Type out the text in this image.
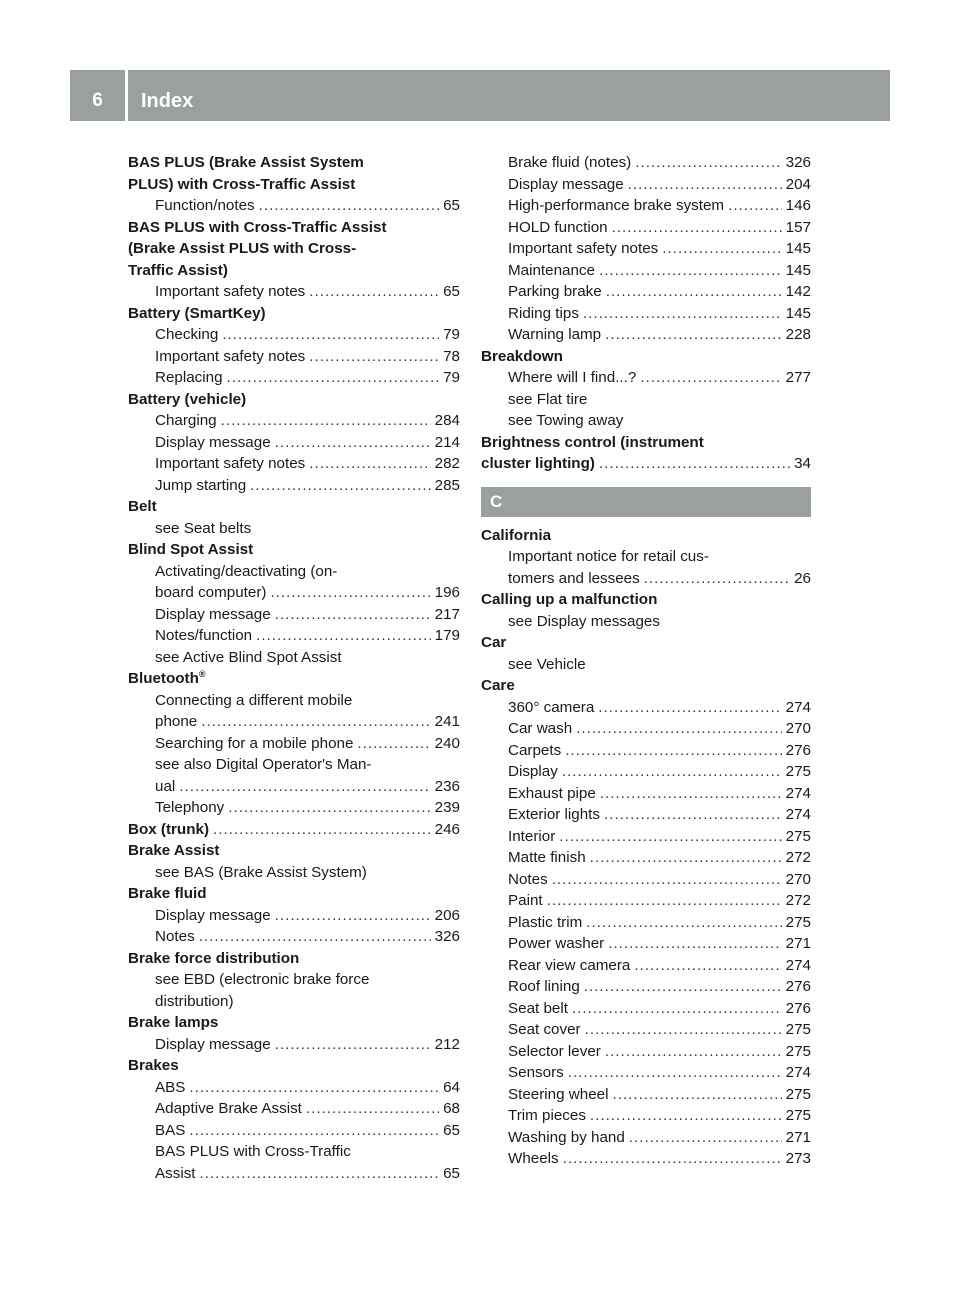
6	Index
BAS PLUS (Brake Assist System
PLUS) with Cross-Traffic Assist
Function/notes .....	65
BAS PLUS with Cross-Traffic Assist
(Brake Assist PLUS with Cross-
Traffic Assist)
Important safety notes .....	65
Battery (SmartKey)
Checking .....	79
Important safety notes .....	78
Replacing .....	79
Battery (vehicle)
Charging .....	284
Display message .....	214
Important safety notes .....	282
Jump starting .....	285
Belt
see Seat belts
Blind Spot Assist
Activating/deactivating (on-
board computer) .....	196
Display message .....	217
Notes/function .....	179
see Active Blind Spot Assist
Bluetooth®
Connecting a different mobile
phone .....	241
Searching for a mobile phone .....	240
see also Digital Operator's Man-
ual .....	236
Telephony .....	239
Box (trunk) .....	246
Brake Assist
see BAS (Brake Assist System)
Brake fluid
Display message .....	206
Notes .....	326
Brake force distribution
see EBD (electronic brake force
distribution)
Brake lamps
Display message .....	212
Brakes
ABS .....	64
Adaptive Brake Assist .....	68
BAS .....	65
BAS PLUS with Cross-Traffic
Assist .....	65
Brake fluid (notes) .....	326
Display message .....	204
High-performance brake system .....	146
HOLD function .....	157
Important safety notes .....	145
Maintenance .....	145
Parking brake .....	142
Riding tips .....	145
Warning lamp .....	228
Breakdown
Where will I find...? .....	277
see Flat tire
see Towing away
Brightness control (instrument
cluster lighting) .....	34
C
California
Important notice for retail cus-
tomers and lessees .....	26
Calling up a malfunction
see Display messages
Car
see Vehicle
Care
360° camera .....	274
Car wash .....	270
Carpets .....	276
Display .....	275
Exhaust pipe .....	274
Exterior lights .....	274
Interior .....	275
Matte finish .....	272
Notes .....	270
Paint .....	272
Plastic trim .....	275
Power washer .....	271
Rear view camera .....	274
Roof lining .....	276
Seat belt .....	276
Seat cover .....	275
Selector lever .....	275
Sensors .....	274
Steering wheel .....	275
Trim pieces .....	275
Washing by hand .....	271
Wheels .....	273
